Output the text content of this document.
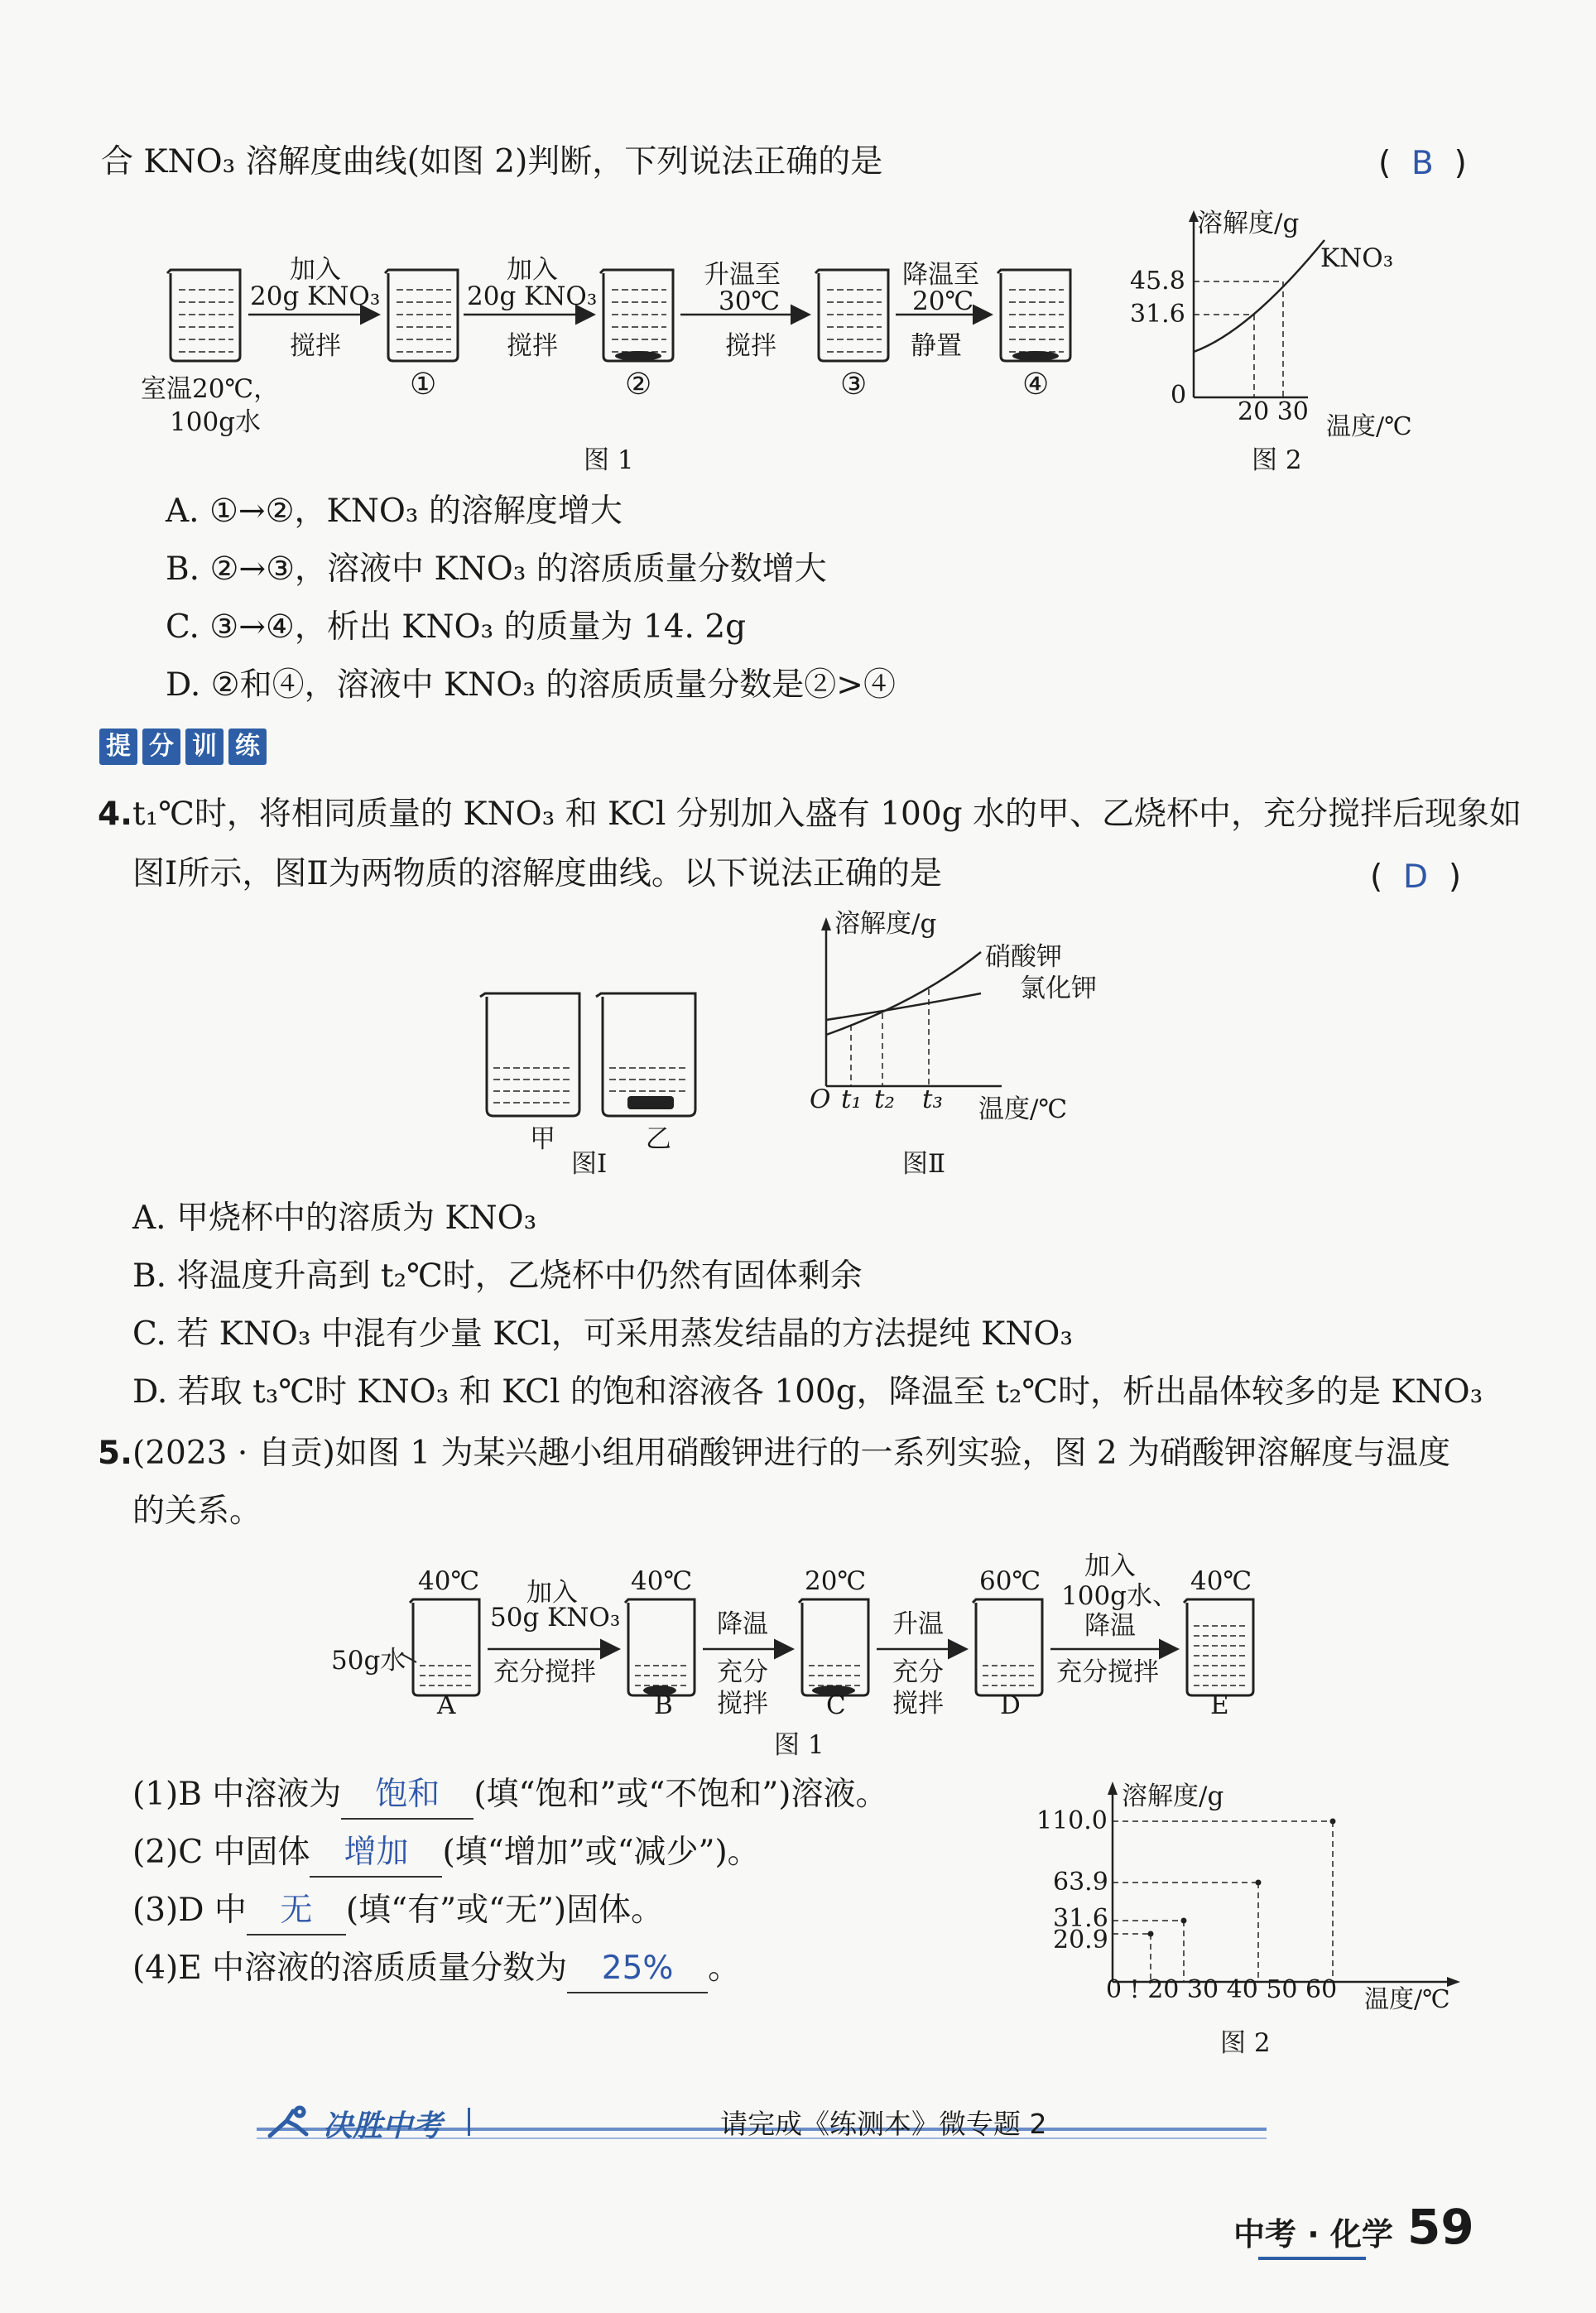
合 KNO₃ 溶解度曲线(如图 2)判断，下列说法正确的是	( B )
加入
20g KNO₃
搅拌
加入
20g KNO₃
搅拌
升温至
30℃
搅拌
降温至
20℃
静置
室温20℃，
100g水
①	②	③	④
图 1
溶解度/g
KNO₃
45.8
31.6
0
20 30
温度/℃
图 2
A. ①→②，KNO₃ 的溶解度增大
B. ②→③，溶液中 KNO₃ 的溶质质量分数增大
C. ③→④，析出 KNO₃ 的质量为 14. 2g
D. ②和④，溶液中 KNO₃ 的溶质质量分数是②>④
提 分 训 练
4. t₁℃时，将相同质量的 KNO₃ 和 KCl 分别加入盛有 100g 水的甲、乙烧杯中，充分搅拌后现象如
图Ⅰ所示，图Ⅱ为两物质的溶解度曲线。以下说法正确的是	( D )
甲	乙
图Ⅰ
溶解度/g
硝酸钾
氯化钾
O t₁ t₂ t₃ 温度/℃
图Ⅱ
A. 甲烧杯中的溶质为 KNO₃
B. 将温度升高到 t₂℃时，乙烧杯中仍然有固体剩余
C. 若 KNO₃ 中混有少量 KCl，可采用蒸发结晶的方法提纯 KNO₃
D. 若取 t₃℃时 KNO₃ 和 KCl 的饱和溶液各 100g，降温至 t₂℃时，析出晶体较多的是 KNO₃
5. (2023 · 自贡)如图 1 为某兴趣小组用硝酸钾进行的一系列实验，图 2 为硝酸钾溶解度与温度
的关系。
50g水
40℃	40℃	20℃	60℃	40℃
加入
50g KNO₃
充分搅拌
降温
充分
搅拌
升温
充分
搅拌
加入
100g水、
降温
充分搅拌
A	B	C	D	E
图 1
(1)B 中溶液为 饱和 (填“饱和”或“不饱和”)溶液。
(2)C 中固体 增加 (填“增加”或“减少”)。
(3)D 中 无 (填“有”或“无”)固体。
(4)E 中溶液的溶质质量分数为 25% 。
溶解度/g
110.0
63.9
31.6
20.9
0 ! 20 30 40 50 60 温度/℃
图 2
决胜中考	请完成《练测本》微专题 2
中考 · 化学 59
